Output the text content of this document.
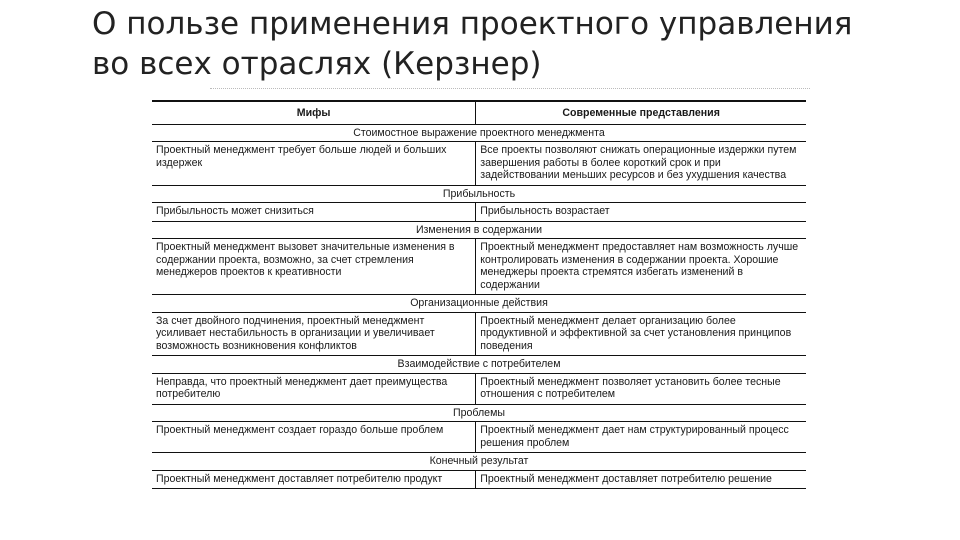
О пользе применения проектного управления
во всех отраслях (Керзнер)
Мифы	Современные представления
Стоимостное выражение проектного менеджмента	
Проектный менеджмент требует больше людей и больших издержек	Все проекты позволяют снижать операционные издержки путем завершения работы в более короткий срок и при задействовании меньших ресурсов и без ухудшения качества
Прибыльность	
Прибыльность может снизиться	Прибыльность возрастает
Изменения в содержании	
Проектный менеджмент вызовет значительные изменения в содержании проекта, возможно, за счет стремления менеджеров проектов к креативности	Проектный менеджмент предоставляет нам возможность лучше контролировать изменения в содержании проекта. Хорошие менеджеры проекта стремятся избегать изменений в содержании
Организационные действия	
За счет двойного подчинения, проектный менеджмент усиливает нестабильность в организации и увеличивает возможность возникновения конфликтов	Проектный менеджмент делает организацию более продуктивной и эффективной за счет установления принципов поведения
Взаимодействие с потребителем	
Неправда, что проектный менеджмент дает преимущества потребителю	Проектный менеджмент позволяет установить более тесные отношения с потребителем
Проблемы	
Проектный менеджмент создает гораздо больше проблем	Проектный менеджмент дает нам структурированный процесс решения проблем
Конечный результат	
Проектный менеджмент доставляет потребителю продукт	Проектный менеджмент доставляет потребителю решение
